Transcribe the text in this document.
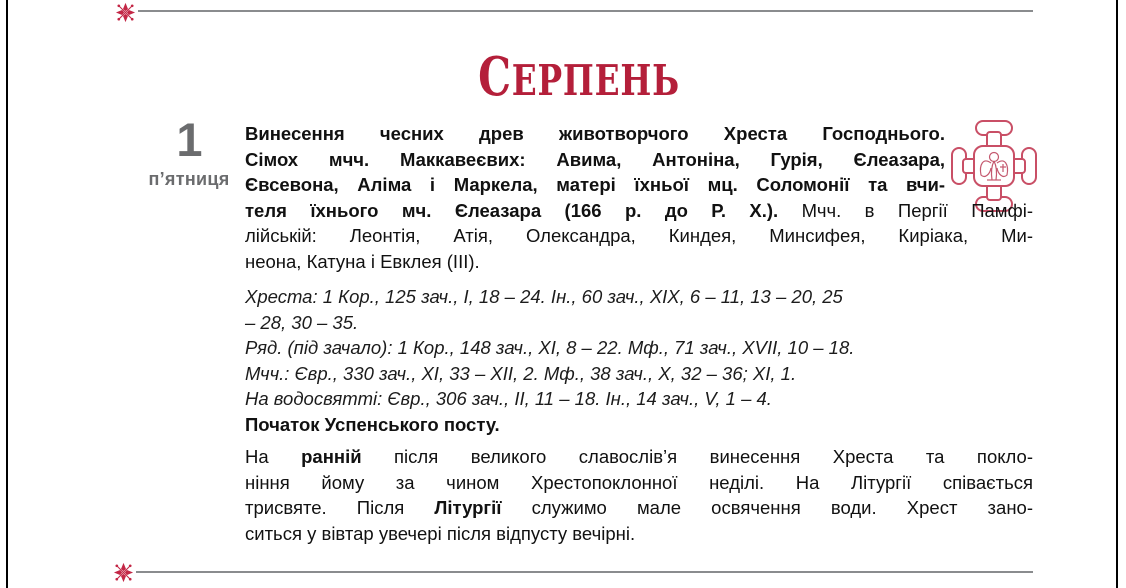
СЕРПЕНЬ
1
п’ятниця

Винесення чесних древ животворчого Хреста Господнього.

Сімох мчч. Маккавеєвих: Авима, Антоніна, Гурія, Єлеазара,

Євсевона, Аліма і Маркела, матері їхньої мц. Соломонії та вчи-

теля їхнього мч. Єлеазара (166 р. до Р. Х.). Мчч. в Пергії Памфі-

лійській: Леонтія, Атія, Олександра, Киндея, Минсифея, Киріака, Ми-

неона, Катуна і Евклея (III).

Хреста: 1 Кор., 125 зач., I, 18 – 24. Ін., 60 зач., XIX, 6 – 11, 13 – 20, 25

– 28, 30 – 35.

Ряд. (під зачало): 1 Кор., 148 зач., XI, 8 – 22. Мф., 71 зач., XVII, 10 – 18.

Мчч.: Євр., 330 зач., XI, 33 – XII, 2. Мф., 38 зач., X, 32 – 36; XI, 1.

На водосвятті: Євр., 306 зач., II, 11 – 18. Ін., 14 зач., V, 1 – 4.

Початок Успенського посту.

На ранній після великого славослів’я винесення Хреста та покло-

ніння йому за чином Хрестопоклонної неділі. На Літургії співається

трисвяте. Після Літургії служимо мале освячення води. Хрест зано-

ситься у вівтар увечері після відпусту вечірні.
